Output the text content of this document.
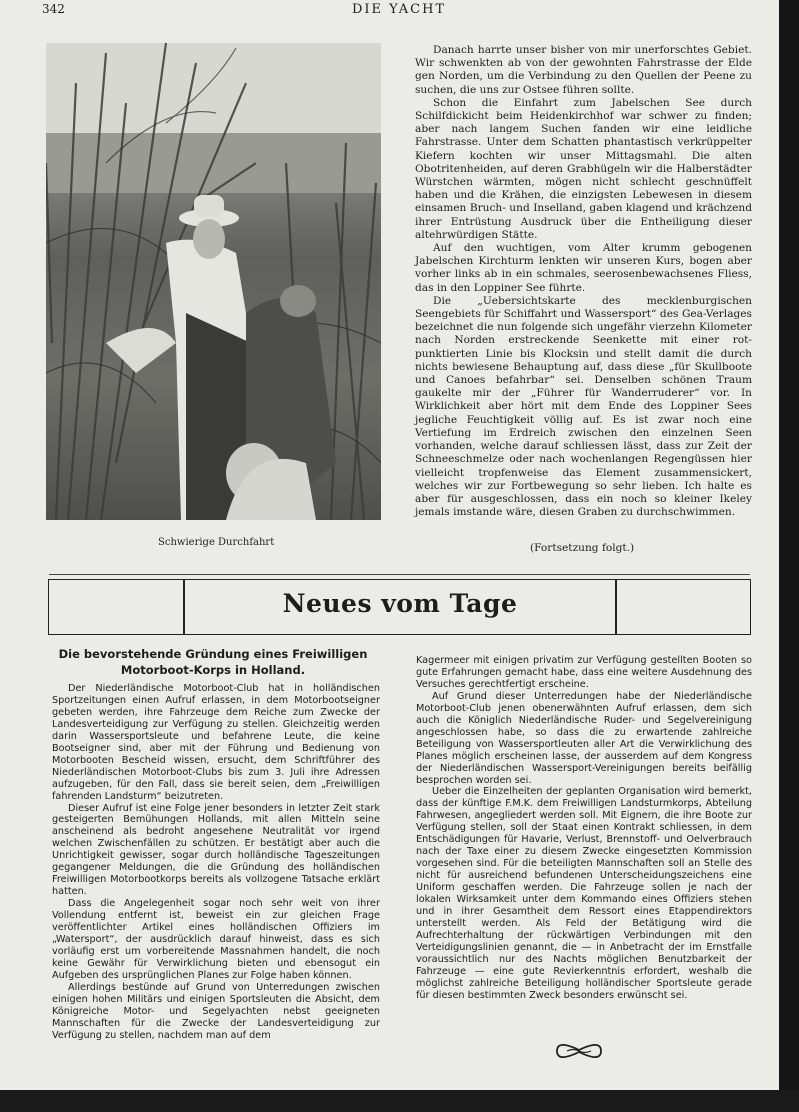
342	DIE YACHT
Schwierige Durchfahrt

Danach harrte unser bisher von mir unerforschtes Gebiet. Wir schwenkten ab von der gewohnten Fahrstrasse der Elde gen Norden, um die Verbindung zu den Quellen der Peene zu suchen, die uns zur Ostsee führen sollte.

Schon die Einfahrt zum Jabelschen See durch Schilfdickicht beim Heidenkirchhof war schwer zu finden; aber nach langem Suchen fanden wir eine leidliche Fahrstrasse. Unter dem Schatten phantastisch verkrüppelter Kiefern kochten wir unser Mittagsmahl. Die alten Obotritenheiden, auf deren Grabhügeln wir die Halberstädter Würstchen wärmten, mögen nicht schlecht geschnüffelt haben und die Krähen, die einzigsten Lebewesen in diesem einsamen Bruch- und Inselland, gaben klagend und krächzend ihrer Entrüstung Ausdruck über die Entheiligung dieser altehrwürdigen Stätte.

Auf den wuchtigen, vom Alter krumm gebogenen Jabelschen Kirchturm lenkten wir unseren Kurs, bogen aber vorher links ab in ein schmales, seerosenbewachsenes Fliess, das in den Loppiner See führte.

Die „Uebersichtskarte des mecklenburgischen Seengebiets für Schiffahrt und Wassersport“ des Gea-Verlages bezeichnet die nun folgende sich ungefähr vierzehn Kilometer nach Norden erstreckende Seenkette mit einer rot-punktierten Linie bis Klocksin und stellt damit die durch nichts bewiesene Behauptung auf, dass diese „für Skullboote und Canoes befahrbar“ sei. Denselben schönen Traum gaukelte mir der „Führer für Wanderruderer“ vor. In Wirklichkeit aber hört mit dem Ende des Loppiner Sees jegliche Feuchtigkeit völlig auf. Es ist zwar noch eine Vertiefung im Erdreich zwischen den einzelnen Seen vorhanden, welche darauf schliessen lässt, dass zur Zeit der Schneeschmelze oder nach wochenlangen Regengüssen hier vielleicht tropfenweise das Element zusammensickert, welches wir zur Fortbewegung so sehr lieben. Ich halte es aber für ausgeschlossen, dass ein noch so kleiner Ikeley jemals imstande wäre, diesen Graben zu durchschwimmen.

(Fortsetzung folgt.)
Neues vom Tage
Die bevorstehende Gründung eines Freiwilligen
Motorboot-Korps in Holland.

Der Niederländische Motorboot-Club hat in holländischen Sportzeitungen einen Aufruf erlassen, in dem Motorbootseigner gebeten werden, ihre Fahrzeuge dem Reiche zum Zwecke der Landesverteidigung zur Verfügung zu stellen. Gleichzeitig werden darin Wassersportsleute und befahrene Leute, die keine Bootseigner sind, aber mit der Führung und Bedienung von Motorbooten Bescheid wissen, ersucht, dem Schriftführer des Niederländischen Motorboot-Clubs bis zum 3. Juli ihre Adressen aufzugeben, für den Fall, dass sie bereit seien, dem „Freiwilligen fahrenden Landsturm“ beizutreten.

Dieser Aufruf ist eine Folge jener besonders in letzter Zeit stark gesteigerten Bemühungen Hollands, mit allen Mitteln seine anscheinend als bedroht angesehene Neutralität vor irgend welchen Zwischenfällen zu schützen. Er bestätigt aber auch die Unrichtigkeit gewisser, sogar durch holländische Tageszeitungen gegangener Meldungen, die die Gründung des holländischen Freiwilligen Motorbootkorps bereits als vollzogene Tatsache erklärt hatten.

Dass die Angelegenheit sogar noch sehr weit von ihrer Vollendung entfernt ist, beweist ein zur gleichen Frage veröffentlichter Artikel eines holländischen Offiziers im „Watersport“, der ausdrücklich darauf hinweist, dass es sich vorläufig erst um vorbereitende Massnahmen handelt, die noch keine Gewähr für Verwirklichung bieten und ebensogut ein Aufgeben des ursprünglichen Planes zur Folge haben können.

Allerdings bestünde auf Grund von Unterredungen zwischen einigen hohen Militärs und einigen Sportsleuten die Absicht, dem Königreiche Motor- und Segelyachten nebst geeigneten Mannschaften für die Zwecke der Landesverteidigung zur Verfügung zu stellen, nachdem man auf dem

Kagermeer mit einigen privatim zur Verfügung gestellten Booten so gute Erfahrungen gemacht habe, dass eine weitere Ausdehnung des Versuches gerechtfertigt erscheine.

Auf Grund dieser Unterredungen habe der Niederländische Motorboot-Club jenen obenerwähnten Aufruf erlassen, dem sich auch die Königlich Niederländische Ruder- und Segelvereinigung angeschlossen habe, so dass die zu erwartende zahlreiche Beteiligung von Wassersportleuten aller Art die Verwirklichung des Planes möglich erscheinen lasse, der ausserdem auf dem Kongress der Niederländischen Wassersport-Vereinigungen bereits beifällig besprochen worden sei.

Ueber die Einzelheiten der geplanten Organisation wird bemerkt, dass der künftige F.M.K. dem Freiwilligen Landsturmkorps, Abteilung Fahrwesen, angegliedert werden soll. Mit Eignern, die ihre Boote zur Verfügung stellen, soll der Staat einen Kontrakt schliessen, in dem Entschädigungen für Havarie, Verlust, Brennstoff- und Oelverbrauch nach der Taxe einer zu diesem Zwecke eingesetzten Kommission vorgesehen sind. Für die beteiligten Mannschaften soll an Stelle des nicht für ausreichend befundenen Unterscheidungszeichens eine Uniform geschaffen werden. Die Fahrzeuge sollen je nach der lokalen Wirksamkeit unter dem Kommando eines Offiziers stehen und in ihrer Gesamtheit dem Ressort eines Etappendirektors unterstellt werden. Als Feld der Betätigung wird die Aufrechterhaltung der rückwärtigen Verbindungen mit den Verteidigungslinien genannt, die — in Anbetracht der im Ernstfalle voraussichtlich nur des Nachts möglichen Benutzbarkeit der Fahrzeuge — eine gute Revierkenntnis erfordert, weshalb die möglichst zahlreiche Beteiligung holländischer Sportsleute gerade für diesen bestimmten Zweck besonders erwünscht sei.
